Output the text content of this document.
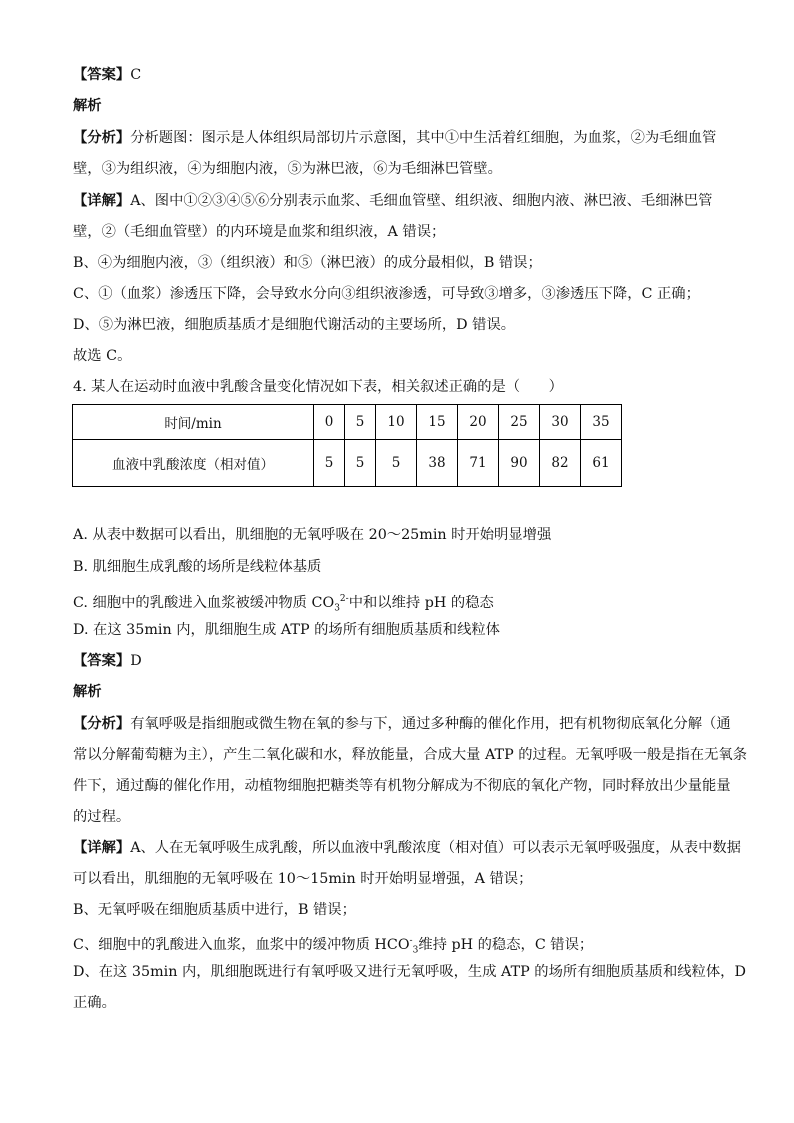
【答案】C
解析
【分析】分析题图：图示是人体组织局部切片示意图，其中①中生活着红细胞，为血浆，②为毛细血管
壁，③为组织液，④为细胞内液，⑤为淋巴液，⑥为毛细淋巴管壁。
【详解】A、图中①②③④⑤⑥分别表示血浆、毛细血管壁、组织液、细胞内液、淋巴液、毛细淋巴管
壁，②（毛细血管壁）的内环境是血浆和组织液，A 错误；
B、④为细胞内液，③（组织液）和⑤（淋巴液）的成分最相似，B 错误；
C、①（血浆）渗透压下降，会导致水分向③组织液渗透，可导致③增多，③渗透压下降，C 正确；
D、⑤为淋巴液，细胞质基质才是细胞代谢活动的主要场所，D 错误。
故选 C。
4. 某人在运动时血液中乳酸含量变化情况如下表，相关叙述正确的是（　　）
时间/min	0	5	10	15	20	25	30	35
血液中乳酸浓度（相对值）	5	5	5	38	71	90	82	61
A. 从表中数据可以看出，肌细胞的无氧呼吸在 20～25min 时开始明显增强
B. 肌细胞生成乳酸的场所是线粒体基质
C. 细胞中的乳酸进入血浆被缓冲物质 $CO_3^{2-}$中和以维持 pH 的稳态
D. 在这 35min 内，肌细胞生成 ATP 的场所有细胞质基质和线粒体
【答案】D
解析
【分析】有氧呼吸是指细胞或微生物在氧的参与下，通过多种酶的催化作用，把有机物彻底氧化分解（通
常以分解葡萄糖为主），产生二氧化碳和水，释放能量，合成大量 ATP 的过程。无氧呼吸一般是指在无氧条
件下，通过酶的催化作用，动植物细胞把糖类等有机物分解成为不彻底的氧化产物，同时释放出少量能量
的过程。
【详解】A、人在无氧呼吸生成乳酸，所以血液中乳酸浓度（相对值）可以表示无氧呼吸强度，从表中数据
可以看出，肌细胞的无氧呼吸在 10～15min 时开始明显增强，A 错误；
B、无氧呼吸在细胞质基质中进行，B 错误；
C、细胞中的乳酸进入血浆，血浆中的缓冲物质 $HCO^-_3$维持 pH 的稳态，C 错误；
D、在这 35min 内，肌细胞既进行有氧呼吸又进行无氧呼吸，生成 ATP 的场所有细胞质基质和线粒体，D
正确。
